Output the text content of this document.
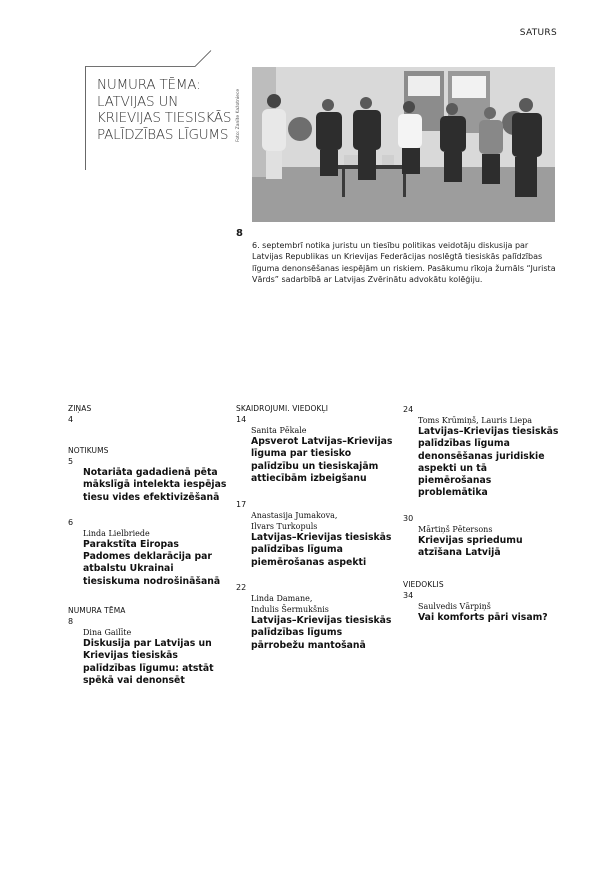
SATURS
NUMURA TĒMA: LATVIJAS UN KRIEVIJAS TIESISKĀS PALĪDZĪBAS LĪGUMS	Foto: Zanīte Kažotniece
8
6. septembrī notika juristu un tiesību politikas veidotāju diskusija par Latvijas Republikas un Krievijas Federācijas noslēgtā tiesiskās palīdzības līguma denonsēšanas iespējām un riskiem. Pasākumu rīkoja žurnāls “Jurista Vārds” sadarbībā ar Latvijas Zvērinātu advokātu kolēģiju.
ZIŅAS
4
NOTIKUMS
5
Notariāta gadadienā pēta mākslīgā intelekta iespējas tiesu vides efektivizēšanā
6
Linda Lielbriede
Parakstīta Eiropas Padomes deklarācija par atbalstu Ukrainai tiesiskuma nodrošināšanā
NUMURA TĒMA
8
Dina Gailīte
Diskusija par Latvijas un Krievijas tiesiskās palīdzības līgumu: atstāt spēkā vai denonsēt
SKAIDROJUMI. VIEDOKĻI
14
Sanita Pēkale
Apsverot Latvijas–Krievijas līguma par tiesisko palīdzību un tiesiskajām attiecībām izbeigšanu
17
Anastasija Jumakova,
Ilvars Turkopuls
Latvijas–Krievijas tiesiskās palīdzības līguma piemērošanas aspekti
22
Linda Damane,
Indulis Šermukšnis
Latvijas–Krievijas tiesiskās palīdzības līgums pārrobežu mantošanā
24
Toms Krūmiņš, Lauris Liepa
Latvijas–Krievijas tiesiskās palīdzības līguma denonsēšanas juridiskie aspekti un tā piemērošanas problemātika
30
Mārtiņš Pētersons
Krievijas spriedumu atzīšana Latvijā
VIEDOKLIS
34
Saulvedis Vārpiņš
Vai komforts pāri visam?
